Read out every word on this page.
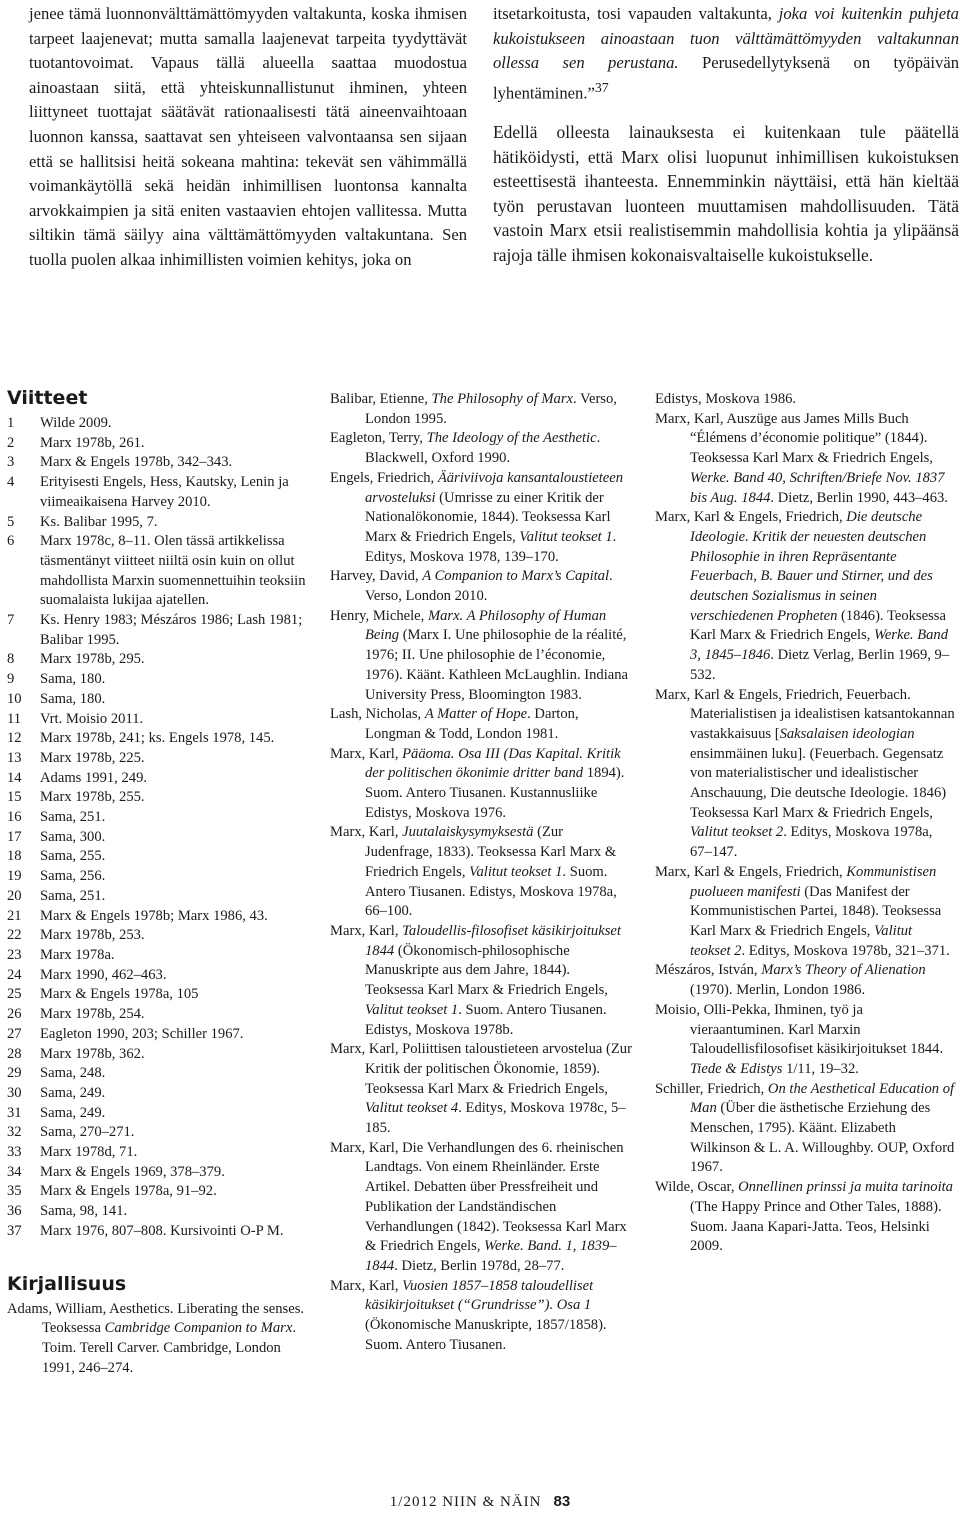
jenee tämä luonnonvälttämättömyyden valtakunta, koska ihmisen tarpeet laajenevat; mutta samalla laajenevat tarpeita tyydyttävät tuotantovoimat. Vapaus tällä alueella saattaa muodostua ainoastaan siitä, että yhteiskunnallistunut ihminen, yhteen liittyneet tuottajat säätävät rationaalisesti tätä aineenvaihtoaan luonnon kanssa, saattavat sen yhteiseen valvontaansa sen sijaan että se hallitsisi heitä sokeana mahtina: tekevät sen vähimmällä voimankäytöllä sekä heidän inhimillisen luontonsa kannalta arvokkaimpien ja sitä eniten vastaavien ehtojen vallitessa. Mutta siltikin tämä säilyy aina välttämättömyyden valtakuntana. Sen tuolla puolen alkaa inhimillisten voimien kehitys, joka on

itsetarkoitusta, tosi vapauden valtakunta, joka voi kuitenkin puhjeta kukoistukseen ainoastaan tuon välttämättömyyden valtakunnan ollessa sen perustana. Perusedellytyksenä on työpäivän lyhentäminen.”$^{37}$

Edellä olleesta lainauksesta ei kuitenkaan tule päätellä hätiköidysti, että Marx olisi luopunut inhimillisen kukoistuksen esteettisestä ihanteesta. Ennemminkin näyttäisi, että hän kieltää työn perustavan luonteen muuttamisen mahdollisuuden. Tätä vastoin Marx etsii realistisemmin mahdollisia kohtia ja ylipäänsä rajoja tälle ihmisen kokonaisvaltaiselle kukoistukselle.

Viitteet
1	Wilde 2009.
2	Marx 1978b, 261.
3	Marx & Engels 1978b, 342–343.
4	Erityisesti Engels, Hess, Kautsky, Lenin ja viimeaikaisena Harvey 2010.
5	Ks. Balibar 1995, 7.
6	Marx 1978c, 8–11. Olen tässä artikkelissa täsmentänyt viitteet niiltä osin kuin on ollut mahdollista Marxin suomennettuihin teoksiin suomalaista lukijaa ajatellen.
7	Ks. Henry 1983; Mészáros 1986; Lash 1981; Balibar 1995.
8	Marx 1978b, 295.
9	Sama, 180.
10	Sama, 180.
11	Vrt. Moisio 2011.
12	Marx 1978b, 241; ks. Engels 1978, 145.
13	Marx 1978b, 225.
14	Adams 1991, 249.
15	Marx 1978b, 255.
16	Sama, 251.
17	Sama, 300.
18	Sama, 255.
19	Sama, 256.
20	Sama, 251.
21	Marx & Engels 1978b; Marx 1986, 43.
22	Marx 1978b, 253.
23	Marx 1978a.
24	Marx 1990, 462–463.
25	Marx & Engels 1978a, 105
26	Marx 1978b, 254.
27	Eagleton 1990, 203; Schiller 1967.
28	Marx 1978b, 362.
29	Sama, 248.
30	Sama, 249.
31	Sama, 249.
32	Sama, 270–271.
33	Marx 1978d, 71.
34	Marx & Engels 1969, 378–379.
35	Marx & Engels 1978a, 91–92.
36	Sama, 98, 141.
37	Marx 1976, 807–808. Kursivointi O-P M.
Kirjallisuus
Adams, William, Aesthetics. Liberating the senses. Teoksessa Cambridge Companion to Marx. Toim. Terell Carver. Cambridge, London 1991, 246–274.
Balibar, Etienne, The Philosophy of Marx. Verso, London 1995.
Eagleton, Terry, The Ideology of the Aesthetic. Blackwell, Oxford 1990.
Engels, Friedrich, Ääriviivoja kansantaloustieteen arvosteluksi (Umrisse zu einer Kritik der Nationalökonomie, 1844). Teoksessa Karl Marx & Friedrich Engels, Valitut teokset 1. Editys, Moskova 1978, 139–170.
Harvey, David, A Companion to Marx’s Capital. Verso, London 2010.
Henry, Michele, Marx. A Philosophy of Human Being (Marx I. Une philosophie de la réalité, 1976; II. Une philosophie de l’économie, 1976). Käänt. Kathleen McLaughlin. Indiana University Press, Bloomington 1983.
Lash, Nicholas, A Matter of Hope. Darton, Longman & Todd, London 1981.
Marx, Karl, Pääoma. Osa III (Das Kapital. Kritik der politischen ökonimie dritter band 1894). Suom. Antero Tiusanen. Kustannusliike Edistys, Moskova 1976.
Marx, Karl, Juutalaiskysymyksestä (Zur Judenfrage, 1833). Teoksessa Karl Marx & Friedrich Engels, Valitut teokset 1. Suom. Antero Tiusanen. Edistys, Moskova 1978a, 66–100.
Marx, Karl, Taloudellis-filosofiset käsikirjoitukset 1844 (Ökonomisch-philosophische Manuskripte aus dem Jahre, 1844). Teoksessa Karl Marx & Friedrich Engels, Valitut teokset 1. Suom. Antero Tiusanen. Edistys, Moskova 1978b.
Marx, Karl, Poliittisen taloustieteen arvostelua (Zur Kritik der politischen Ökonomie, 1859). Teoksessa Karl Marx & Friedrich Engels, Valitut teokset 4. Editys, Moskova 1978c, 5–185.
Marx, Karl, Die Verhandlungen des 6. rheinischen Landtags. Von einem Rheinländer. Erste Artikel. Debatten über Pressfreiheit und Publikation der Landständischen Verhandlungen (1842). Teoksessa Karl Marx & Friedrich Engels, Werke. Band. 1, 1839–1844. Dietz, Berlin 1978d, 28–77.
Marx, Karl, Vuosien 1857–1858 taloudelliset käsikirjoitukset (“Grundrisse”). Osa 1 (Ökonomische Manuskripte, 1857/1858). Suom. Antero Tiusanen.
Edistys, Moskova 1986.
Marx, Karl, Auszüge aus James Mills Buch “Élémens d’économie politique” (1844). Teoksessa Karl Marx & Friedrich Engels, Werke. Band 40, Schriften/Briefe Nov. 1837 bis Aug. 1844. Dietz, Berlin 1990, 443–463.
Marx, Karl & Engels, Friedrich, Die deutsche Ideologie. Kritik der neuesten deutschen Philosophie in ihren Repräsentante Feuerbach, B. Bauer und Stirner, und des deutschen Sozialismus in seinen verschiedenen Propheten (1846). Teoksessa Karl Marx & Friedrich Engels, Werke. Band 3, 1845–1846. Dietz Verlag, Berlin 1969, 9–532.
Marx, Karl & Engels, Friedrich, Feuerbach. Materialistisen ja idealistisen katsantokannan vastakkaisuus [Saksalaisen ideologian ensimmäinen luku]. (Feuerbach. Gegensatz von materialistischer und idealistischer Anschauung, Die deutsche Ideologie. 1846) Teoksessa Karl Marx & Friedrich Engels, Valitut teokset 2. Editys, Moskova 1978a, 67–147.
Marx, Karl & Engels, Friedrich, Kommunistisen puolueen manifesti (Das Manifest der Kommunistischen Partei, 1848). Teoksessa Karl Marx & Friedrich Engels, Valitut teokset 2. Editys, Moskova 1978b, 321–371.
Mészáros, István, Marx’s Theory of Alienation (1970). Merlin, London 1986.
Moisio, Olli-Pekka, Ihminen, työ ja vieraantuminen. Karl Marxin Taloudellisfilosofiset käsikirjoitukset 1844. Tiede & Edistys 1/11, 19–32.
Schiller, Friedrich, On the Aesthetical Education of Man (Über die ästhetische Erziehung des Menschen, 1795). Käänt. Elizabeth Wilkinson & L. A. Willoughby. OUP, Oxford 1967.
Wilde, Oscar, Onnellinen prinssi ja muita tarinoita (The Happy Prince and Other Tales, 1888). Suom. Jaana Kapari-Jatta. Teos, Helsinki 2009.
1/2012 NIIN & NÄIN 83
